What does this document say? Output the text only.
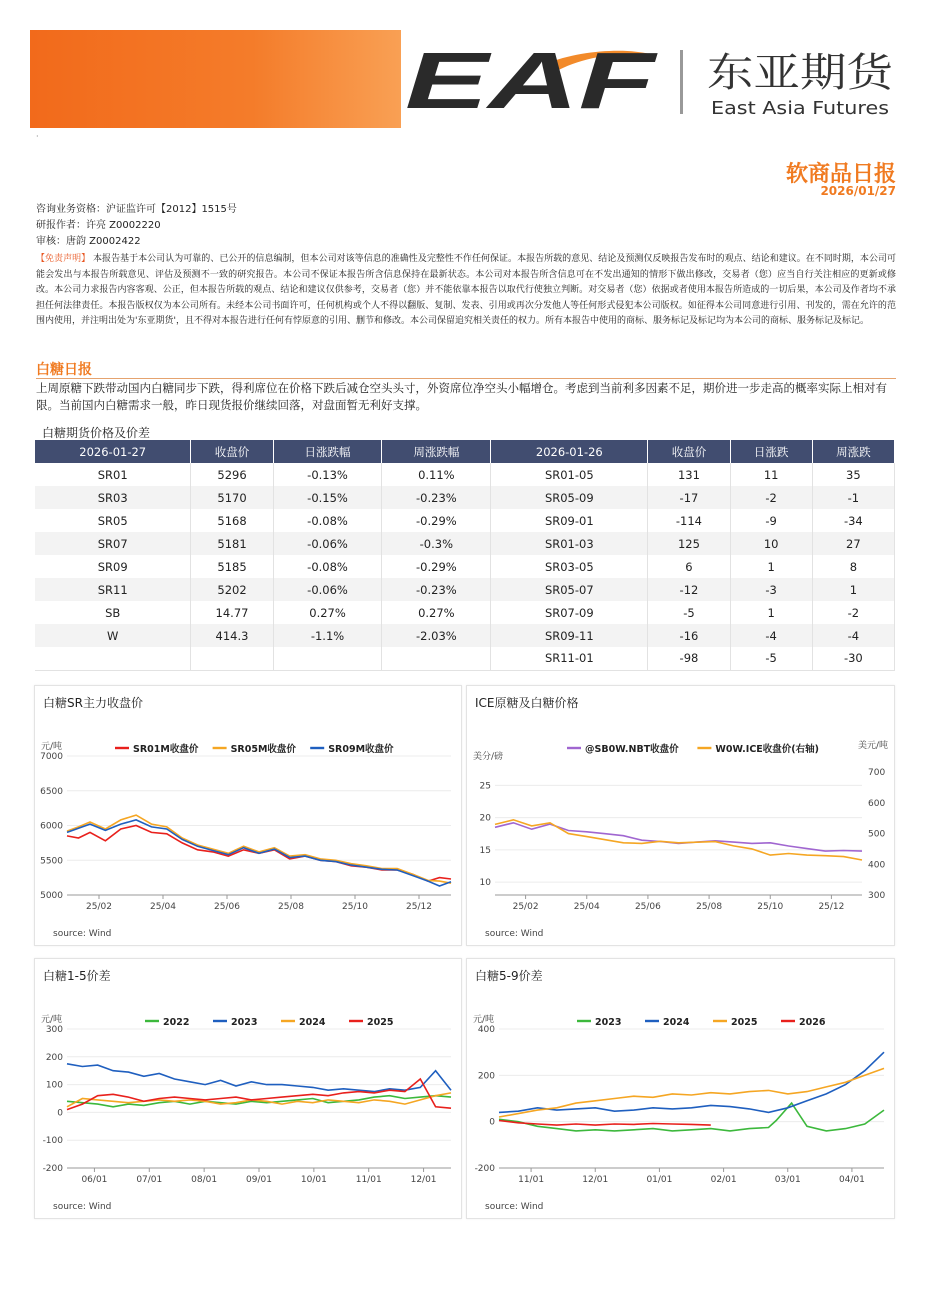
EAF 东亚期货
East Asia Futures
·
软商品日报
2026/01/27
咨询业务资格：沪证监许可【2012】1515号
研报作者：许亮 Z0002220
审核：唐韵 Z0002422
【免责声明】 本报告基于本公司认为可靠的、已公开的信息编制，但本公司对该等信息的准确性及完整性不作任何保证。本报告所载的意见、结论及预测仅反映报告发布时的观点、结论和建议。在不同时期，本公司可能会发出与本报告所载意见、评估及预测不一致的研究报告。本公司不保证本报告所含信息保持在最新状态。本公司对本报告所含信息可在不发出通知的情形下做出修改，交易者（您）应当自行关注相应的更新或修改。本公司力求报告内容客观、公正，但本报告所载的观点、结论和建议仅供参考，交易者（您）并不能依靠本报告以取代行使独立判断。对交易者（您）依据或者使用本报告所造成的一切后果，本公司及作者均不承担任何法律责任。本报告版权仅为本公司所有。未经本公司书面许可，任何机构或个人不得以翻版、复制、发表、引用或再次分发他人等任何形式侵犯本公司版权。如征得本公司同意进行引用、刊发的，需在允许的范围内使用，并注明出处为'东亚期货'，且不得对本报告进行任何有悖原意的引用、删节和修改。本公司保留追究相关责任的权力。所有本报告中使用的商标、服务标记及标记均为本公司的商标、服务标记及标记。
白糖日报
上周原糖下跌带动国内白糖同步下跌，得利席位在价格下跌后减仓空头头寸，外资席位净空头小幅增仓。考虑到当前利多因素不足，期价进一步走高的概率实际上相对有限。当前国内白糖需求一般，昨日现货报价继续回落，对盘面暂无利好支撑。
白糖期货价格及价差
2026-01-27	收盘价	日涨跌幅	周涨跌幅	2026-01-26	收盘价	日涨跌	周涨跌
SR01	5296	-0.13%	0.11%	SR01-05	131	11	35
SR03	5170	-0.15%	-0.23%	SR05-09	-17	-2	-1
SR05	5168	-0.08%	-0.29%	SR09-01	-114	-9	-34
SR07	5181	-0.06%	-0.3%	SR01-03	125	10	27
SR09	5185	-0.08%	-0.29%	SR03-05	6	1	8
SR11	5202	-0.06%	-0.23%	SR05-07	-12	-3	1
SB	14.77	0.27%	0.27%	SR07-09	-5	1	-2
W	414.3	-1.1%	-2.03%	SR09-11	-16	-4	-4
				SR11-01	-98	-5	-30
白糖SR主力收盘价
5000
5500
6000
6500
7000
元/吨
25/02	25/04	25/06	25/08	25/10	25/12
SR01M收盘价	SR05M收盘价	SR09M收盘价
source: Wind
ICE原糖及白糖价格
10
15
20
25
300
400
500
600
700
美元/吨
美分/磅
25/02	25/04	25/06	25/08	25/10	25/12
@SB0W.NBT收盘价	W0W.ICE收盘价(右轴)
source: Wind
白糖1-5价差
-200
-100
0
100
200
300
元/吨
06/01	07/01	08/01	09/01	10/01	11/01	12/01
2022	2023	2024	2025
source: Wind
白糖5-9价差
-200
0
200
400
元/吨
11/01	12/01	01/01	02/01	03/01	04/01
2023	2024	2025	2026
source: Wind
